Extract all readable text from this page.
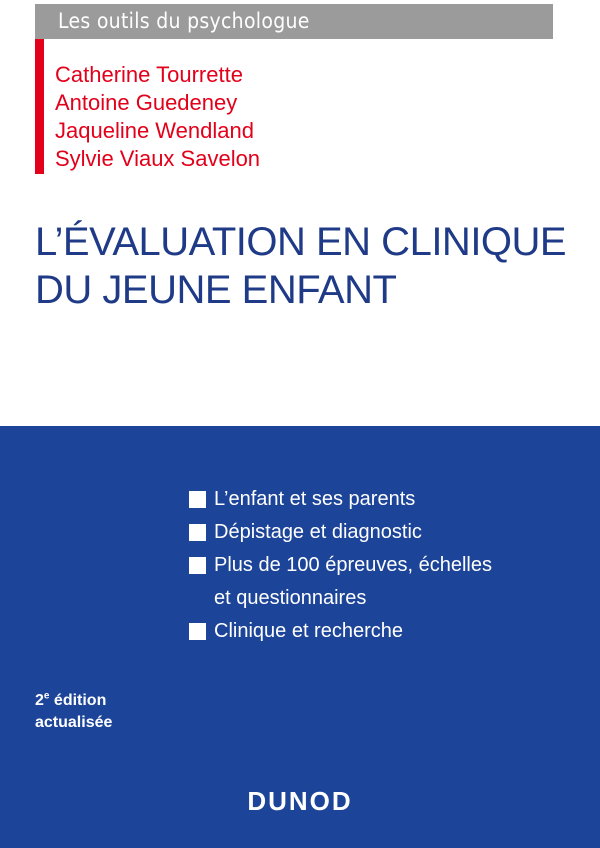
Les outils du psychologue
Catherine Tourrette
Antoine Guedeney
Jaqueline Wendland
Sylvie Viaux Savelon
L’ÉVALUATION EN CLINIQUE
DU JEUNE ENFANT
L’enfant et ses parents
Dépistage et diagnostic
Plus de 100 épreuves, échelles
et questionnaires
Clinique et recherche
2e édition
actualisée
DUNOD
